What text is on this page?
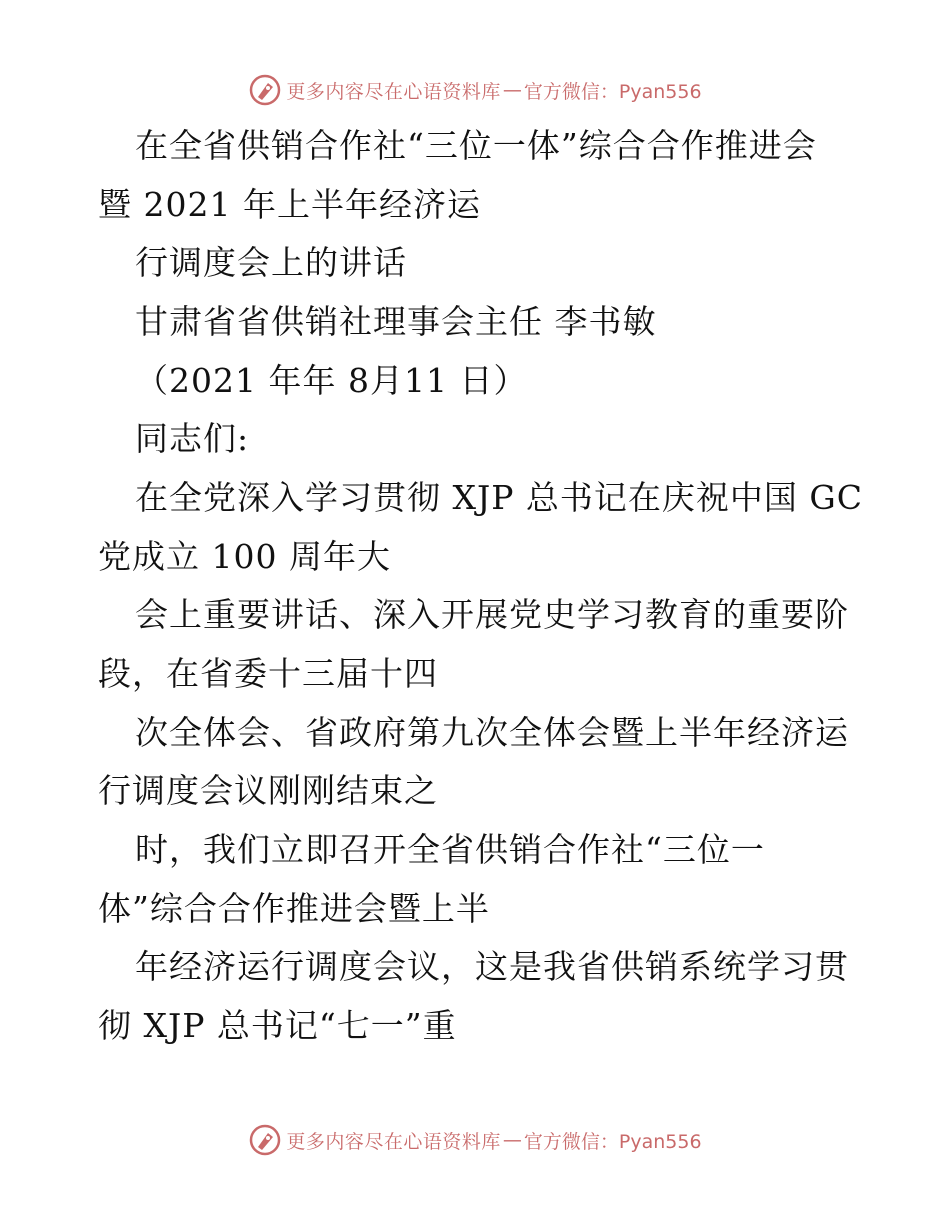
更多内容尽在心语资料库 — 官方微信：Pyan556
在全省供销合作社“三位一体”综合合作推进会
暨 2021 年上半年经济运
行调度会上的讲话
甘肃省省供销社理事会主任 李书敏
（2021 年年 8月11 日）
同志们:
在全党深入学习贯彻 XJP 总书记在庆祝中国 GC
党成立 100 周年大
会上重要讲话、深入开展党史学习教育的重要阶
段，在省委十三届十四
次全体会、省政府第九次全体会暨上半年经济运
行调度会议刚刚结束之
时，我们立即召开全省供销合作社“三位一
体”综合合作推进会暨上半
年经济运行调度会议，这是我省供销系统学习贯
彻 XJP 总书记“七一”重
更多内容尽在心语资料库 — 官方微信：Pyan556
